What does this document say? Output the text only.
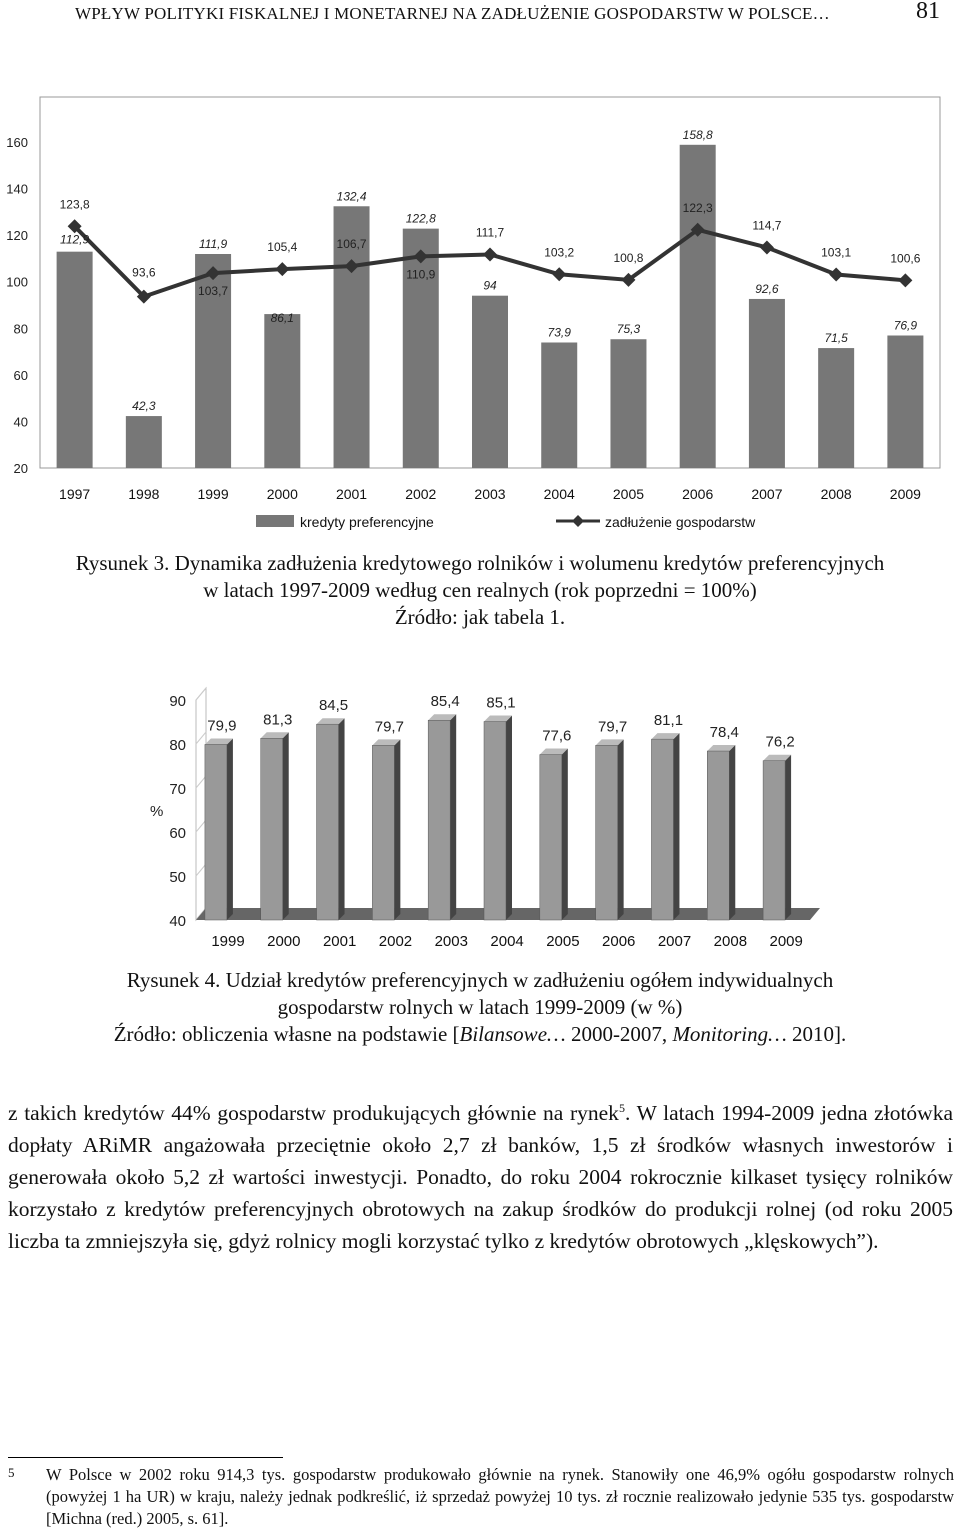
WPŁYW POLITYKI FISKALNEJ I MONETARNEJ NA ZADŁUŻENIE GOSPODARSTW W POLSCE…	81
160
140
120
100
80
60
40
20
112,9
42,3
111,9
86,1
132,4
122,8
94
73,9	75,3
158,8
92,6
71,5
76,9
123,8
93,6
103,7
105,4	106,7
110,9
111,7
103,2	100,8
122,3
114,7
103,1	100,6
1997	1998	1999	2000	2001	2002	2003	2004	2005	2006	2007	2008	2009
kredyty preferencyjne	zadłużenie gospodarstw
Rysunek 3. Dynamika zadłużenia kredytowego rolników i wolumenu kredytów preferencyjnych
w latach 1997-2009 według cen realnych (rok poprzedni = 100%)
Źródło: jak tabela 1.
90
80
70
60
50
40
%
79,9 81,3
84,5
79,7
85,4 85,1
77,6
79,7 81,1
78,4
76,2
1999 2000 2001 2002 2003 2004 2005 2006 2007 2008 2009
Rysunek 4. Udział kredytów preferencyjnych w zadłużeniu ogółem indywidualnych
gospodarstw rolnych w latach 1999-2009 (w %)
Źródło: obliczenia własne na podstawie [Bilansowe… 2000-2007, Monitoring… 2010].

z takich kredytów 44% gospodarstw produkujących głównie na rynek$^5$. W latach 1994-2009 jedna złotówka dopłaty ARiMR angażowała przeciętnie około 2,7 zł banków, 1,5 zł środków własnych inwestorów i generowała około 5,2 zł wartości inwestycji. Ponadto, do roku 2004 rokrocznie kilkaset tysięcy rolników korzystało z kredytów preferencyjnych obrotowych na zakup środków do produkcji rolnej (od roku 2005 liczba ta zmniejszyła się, gdyż rolnicy mogli korzystać tylko z kredytów obrotowych „klęskowych”).

5 W Polsce w 2002 roku 914,3 tys. gospodarstw produkowało głównie na rynek. Stanowiły one 46,9% ogółu gospodarstw rolnych (powyżej 1 ha UR) w kraju, należy jednak podkreślić, iż sprzedaż powyżej 10 tys. zł rocznie realizowało jedynie 535 tys. gospodarstw [Michna (red.) 2005, s. 61].
